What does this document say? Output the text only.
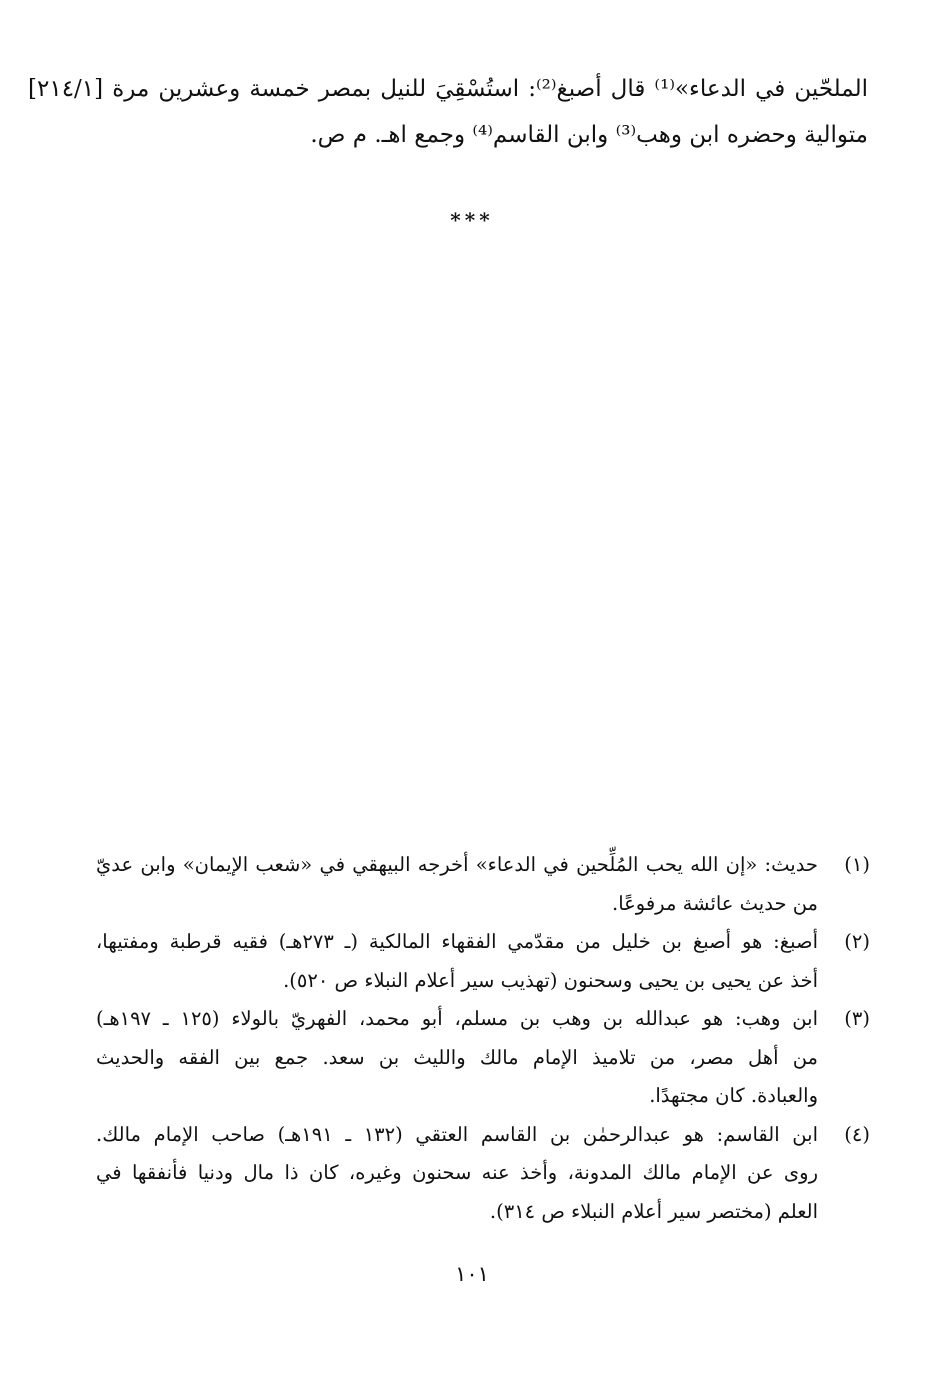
الملحّين في الدعاء»⁽¹⁾ قال أصبغ⁽²⁾: استُسْقِيَ للنيل بمصر خمسة وعشرين مرة [٢١٤/١]
متوالية وحضره ابن وهب⁽³⁾ وابن القاسم⁽⁴⁾ وجمع اهـ. م ص.
***
(١)
حديث: «إن الله يحب المُلِّحين في الدعاء» أخرجه البيهقي في «شعب الإيمان» وابن عديّ
من حديث عائشة مرفوعًا.
(٢)
أصبغ: هو أصبغ بن خليل من مقدّمي الفقهاء المالكية (ـ ٢٧٣هـ) فقيه قرطبة ومفتيها،
أخذ عن يحيى بن يحيى وسحنون (تهذيب سير أعلام النبلاء ص ٥٢٠).
(٣)
ابن وهب: هو عبدالله بن وهب بن مسلم، أبو محمد، الفهريّ بالولاء (١٢٥ ـ ١٩٧هـ)
من أهل مصر، من تلاميذ الإمام مالك والليث بن سعد. جمع بين الفقه والحديث
والعبادة. كان مجتهدًا.
(٤)
ابن القاسم: هو عبدالرحمٰن بن القاسم العتقي (١٣٢ ـ ١٩١هـ) صاحب الإمام مالك.
روى عن الإمام مالك المدونة، وأخذ عنه سحنون وغيره، كان ذا مال ودنيا فأنفقها في
العلم (مختصر سير أعلام النبلاء ص ٣١٤).
١٠١
